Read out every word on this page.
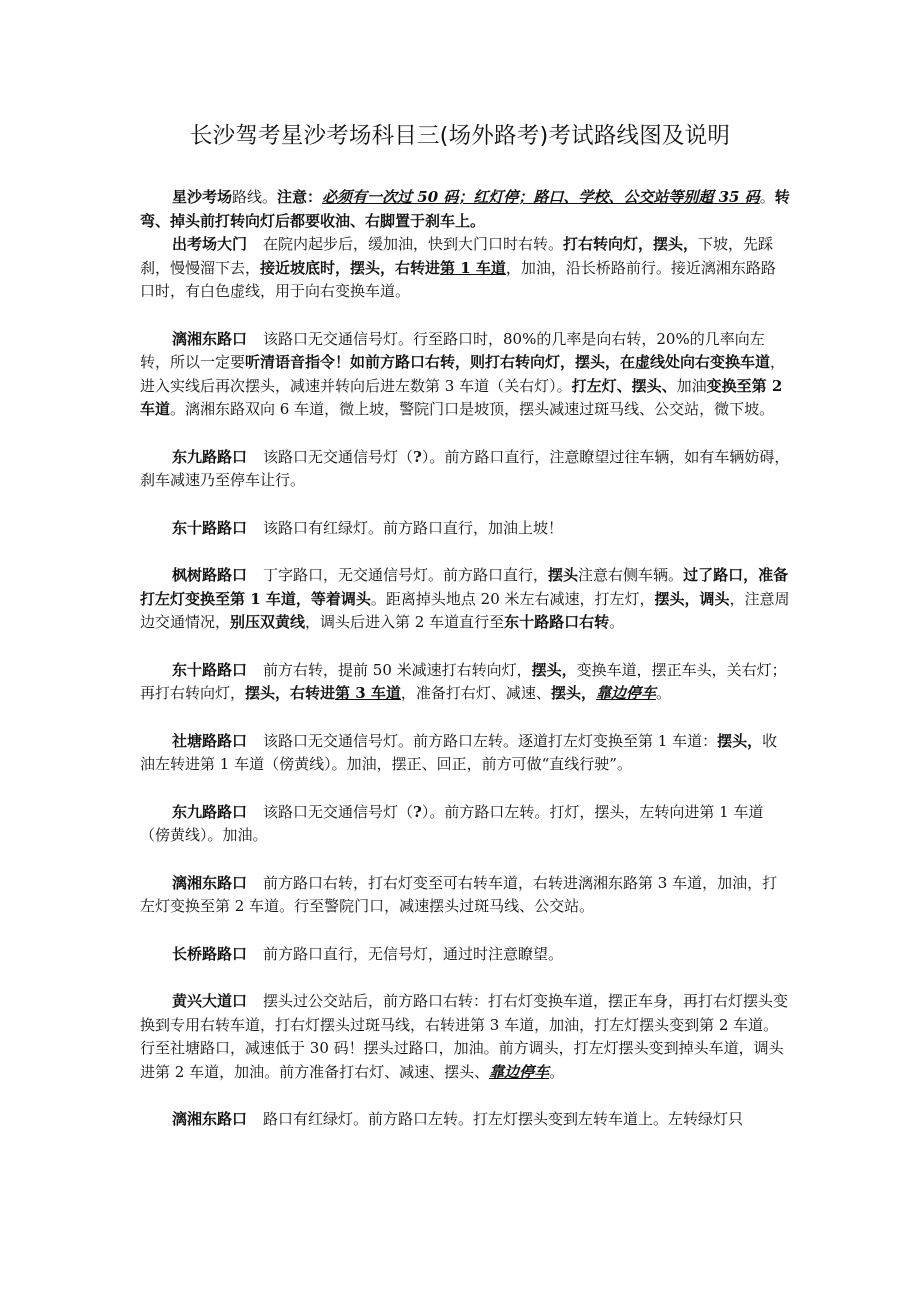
长沙驾考星沙考场科目三(场外路考)考试路线图及说明

星沙考场路线。注意：必须有一次过 50 码；红灯停；路口、学校、公交站等别超 35 码。转弯、掉头前打转向灯后都要收油、右脚置于刹车上。

出考场大门 在院内起步后，缓加油，快到大门口时右转。打右转向灯，摆头，下坡，先踩刹，慢慢溜下去，接近坡底时，摆头，右转进第 1 车道，加油，沿长桥路前行。接近漓湘东路路口时，有白色虚线，用于向右变换车道。

漓湘东路口 该路口无交通信号灯。行至路口时，80%的几率是向右转，20%的几率向左转，所以一定要听清语音指令！如前方路口右转，则打右转向灯，摆头，在虚线处向右变换车道，进入实线后再次摆头，减速并转向后进左数第 3 车道（关右灯）。打左灯、摆头、加油变换至第 2 车道。漓湘东路双向 6 车道，微上坡，警院门口是坡顶，摆头减速过斑马线、公交站，微下坡。

东九路路口 该路口无交通信号灯（?）。前方路口直行，注意瞭望过往车辆，如有车辆妨碍，刹车减速乃至停车让行。

东十路路口 该路口有红绿灯。前方路口直行，加油上坡！

枫树路路口 丁字路口，无交通信号灯。前方路口直行，摆头注意右侧车辆。过了路口，准备打左灯变换至第 1 车道，等着调头。距离掉头地点 20 米左右减速，打左灯，摆头，调头，注意周边交通情况，别压双黄线，调头后进入第 2 车道直行至东十路路口右转。

东十路路口 前方右转，提前 50 米减速打右转向灯，摆头，变换车道，摆正车头，关右灯；再打右转向灯，摆头，右转进第 3 车道，准备打右灯、减速、摆头，靠边停车。

社塘路路口 该路口无交通信号灯。前方路口左转。逐道打左灯变换至第 1 车道：摆头，收油左转进第 1 车道（傍黄线）。加油，摆正、回正，前方可做“直线行驶”。

东九路路口 该路口无交通信号灯（?）。前方路口左转。打灯，摆头，左转向进第 1 车道（傍黄线）。加油。

漓湘东路口 前方路口右转，打右灯变至可右转车道，右转进漓湘东路第 3 车道，加油，打左灯变换至第 2 车道。行至警院门口，减速摆头过斑马线、公交站。

长桥路路口 前方路口直行，无信号灯，通过时注意瞭望。

黄兴大道口 摆头过公交站后，前方路口右转：打右灯变换车道，摆正车身，再打右灯摆头变换到专用右转车道，打右灯摆头过斑马线，右转进第 3 车道，加油，打左灯摆头变到第 2 车道。行至社塘路口，减速低于 30 码！摆头过路口，加油。前方调头，打左灯摆头变到掉头车道，调头进第 2 车道，加油。前方准备打右灯、减速、摆头、靠边停车。

漓湘东路口 路口有红绿灯。前方路口左转。打左灯摆头变到左转车道上。左转绿灯只
